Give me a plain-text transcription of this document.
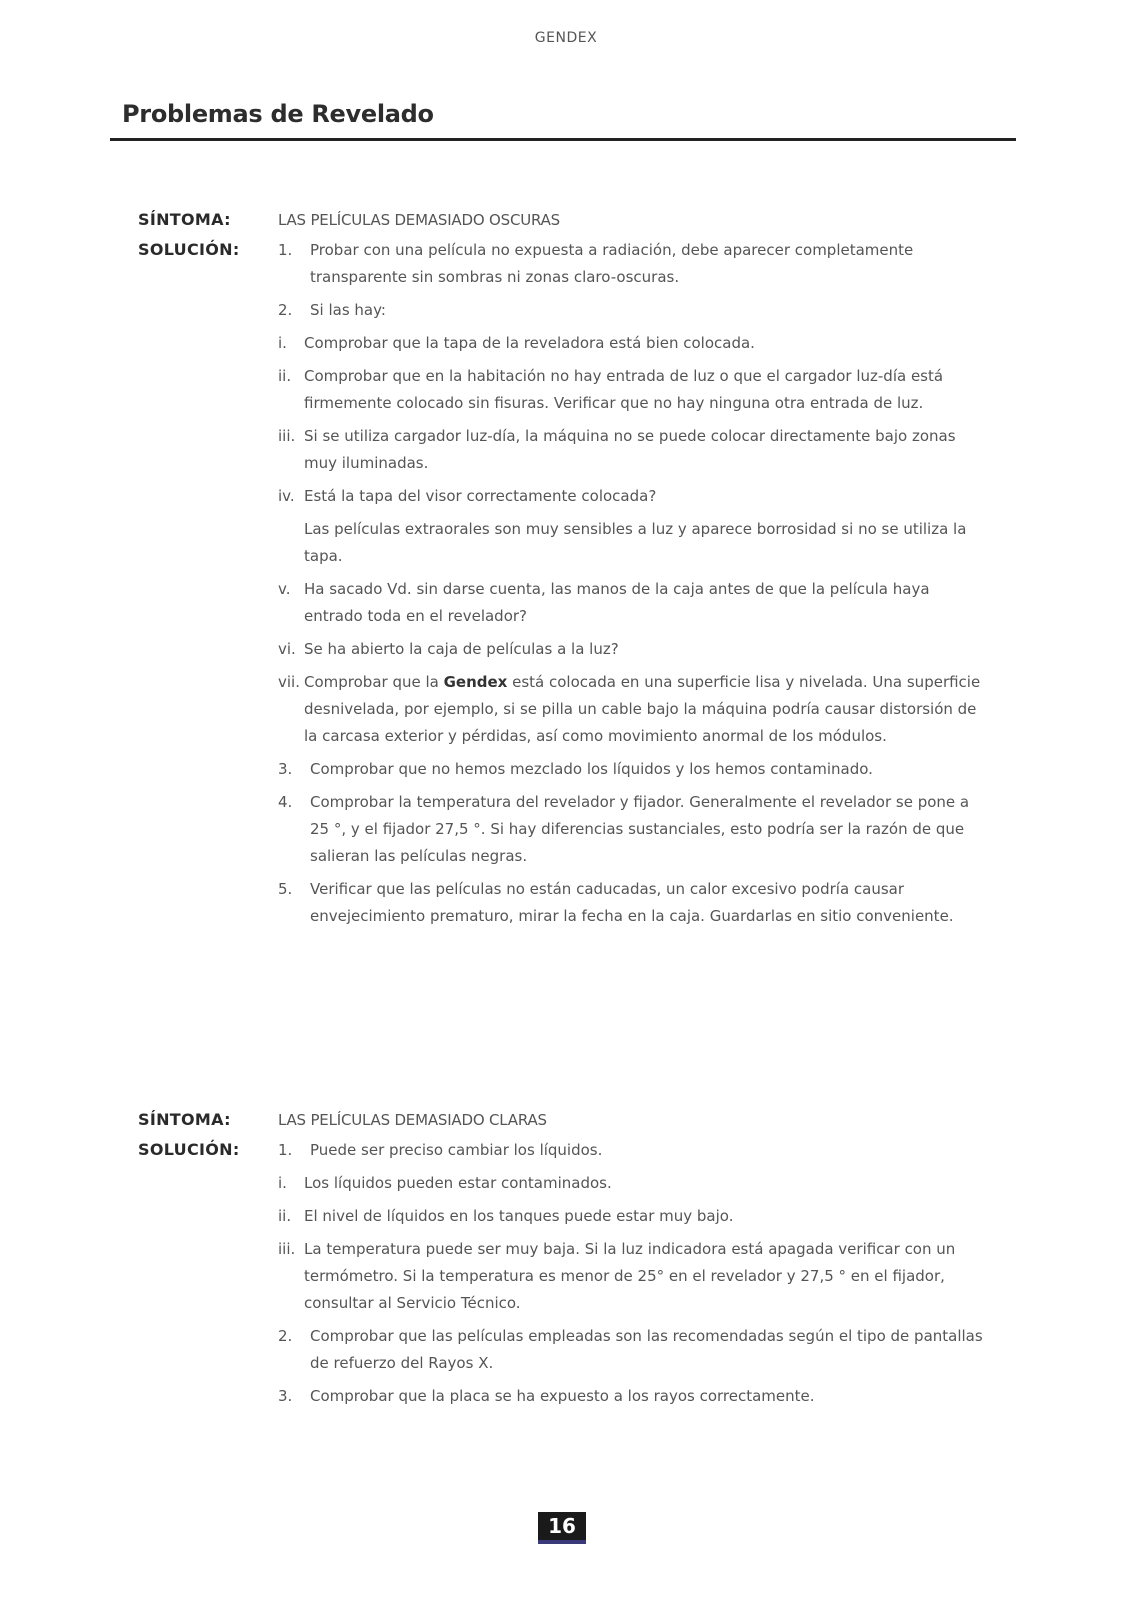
GENDEX
Problemas de Revelado
SÍNTOMA:	LAS PELÍCULAS DEMASIADO OSCURAS
SOLUCIÓN:	1.	Probar con una película no expuesta a radiación, debe aparecer completamente transparente sin sombras ni zonas claro-oscuras.
2.	Si las hay:
i.	Comprobar que la tapa de la reveladora está bien colocada.
ii. Comprobar que en la habitación no hay entrada de luz o que el cargador luz-día está firmemente colocado sin fisuras. Verificar que no hay ninguna otra entrada de luz.
iii. Si se utiliza cargador luz-día, la máquina no se puede colocar directamente bajo zonas muy iluminadas.
iv. Está la tapa del visor correctamente colocada?
Las películas extraorales son muy sensibles a luz y aparece borrosidad si no se utiliza la tapa.
v. Ha sacado Vd. sin darse cuenta, las manos de la caja antes de que la película haya entrado toda en el revelador?
vi. Se ha abierto la caja de películas a la luz?
vii. Comprobar que la Gendex está colocada en una superficie lisa y nivelada. Una superficie desnivelada, por ejemplo, si se pilla un cable bajo la máquina podría causar distorsión de la carcasa exterior y pérdidas, así como movimiento anormal de los módulos.
3.	Comprobar que no hemos mezclado los líquidos y los hemos contaminado.
4.	Comprobar la temperatura del revelador y fijador. Generalmente el revelador se pone a 25 °, y el fijador 27,5 °. Si hay diferencias sustanciales, esto podría ser la razón de que salieran las películas negras.
5.	Verificar que las películas no están caducadas, un calor excesivo podría causar envejecimiento prematuro, mirar la fecha en la caja. Guardarlas en sitio conveniente.
SÍNTOMA:	LAS PELÍCULAS DEMASIADO CLARAS
SOLUCIÓN:	1.	Puede ser preciso cambiar los líquidos.
i.	Los líquidos pueden estar contaminados.
ii. El nivel de líquidos en los tanques puede estar muy bajo.
iii. La temperatura puede ser muy baja. Si la luz indicadora está apagada verificar con un termómetro. Si la temperatura es menor de 25° en el revelador y 27,5 ° en el fijador, consultar al Servicio Técnico.
2.	Comprobar que las películas empleadas son las recomendadas según el tipo de pantallas de refuerzo del Rayos X.
3.	Comprobar que la placa se ha expuesto a los rayos correctamente.
16
